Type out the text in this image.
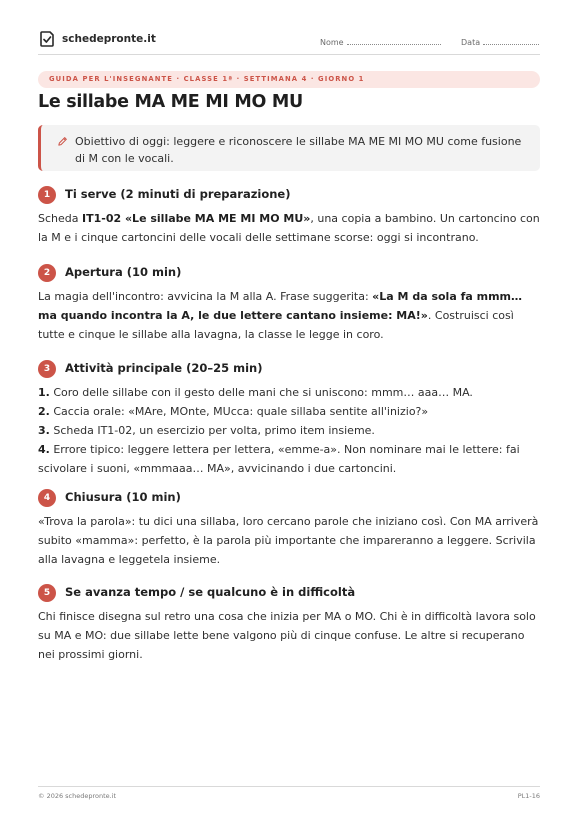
schedepronte.it	Nome	Data
GUIDA PER L'INSEGNANTE · CLASSE 1ª · SETTIMANA 4 · GIORNO 1
Le sillabe MA ME MI MO MU
Obiettivo di oggi: leggere e riconoscere le sillabe MA ME MI MO MU come fusione di M con le vocali.
1	Ti serve (2 minuti di preparazione)

Scheda IT1-02 «Le sillabe MA ME MI MO MU», una copia a bambino. Un cartoncino con la M e i cinque cartoncini delle vocali delle settimane scorse: oggi si incontrano.

2	Apertura (10 min)

La magia dell'incontro: avvicina la M alla A. Frase suggerita: «La M da sola fa mmm… ma quando incontra la A, le due lettere cantano insieme: MA!». Costruisci così tutte e cinque le sillabe alla lavagna, la classe le legge in coro.

3	Attività principale (20–25 min)

1. Coro delle sillabe con il gesto delle mani che si uniscono: mmm… aaa… MA.

2. Caccia orale: «MAre, MOnte, MUcca: quale sillaba sentite all'inizio?»

3. Scheda IT1-02, un esercizio per volta, primo item insieme.

4. Errore tipico: leggere lettera per lettera, «emme-a». Non nominare mai le lettere: fai scivolare i suoni, «mmmaaa… MA», avvicinando i due cartoncini.

4	Chiusura (10 min)

«Trova la parola»: tu dici una sillaba, loro cercano parole che iniziano così. Con MA arriverà subito «mamma»: perfetto, è la parola più importante che impareranno a leggere. Scrivila alla lavagna e leggetela insieme.

5	Se avanza tempo / se qualcuno è in difficoltà

Chi finisce disegna sul retro una cosa che inizia per MA o MO. Chi è in difficoltà lavora solo su MA e MO: due sillabe lette bene valgono più di cinque confuse. Le altre si recuperano nei prossimi giorni.

© 2026 schedepronte.it	PL1-16
